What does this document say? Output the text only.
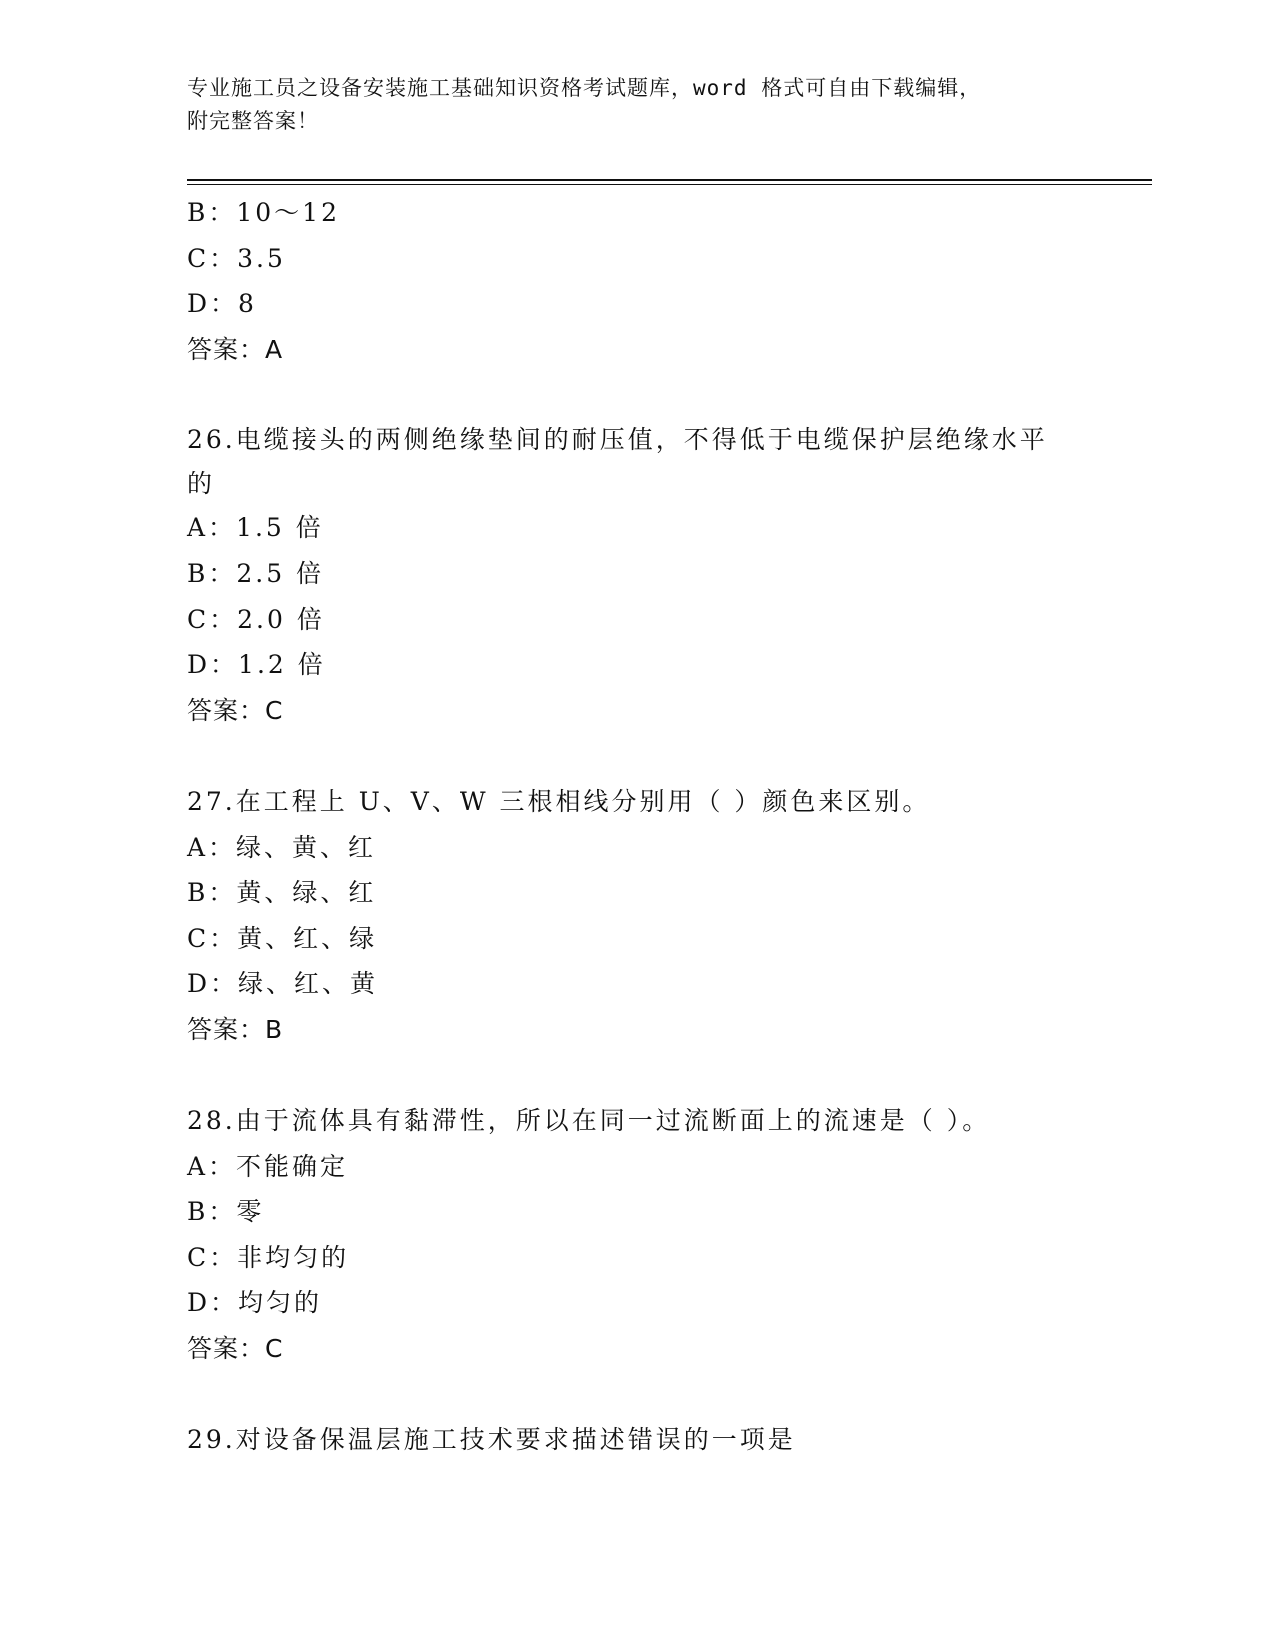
专业施工员之设备安装施工基础知识资格考试题库，word 格式可自由下载编辑，
附完整答案！
B：10～12
C：3.5
D：8
答案：A
26.电缆接头的两侧绝缘垫间的耐压值，不得低于电缆保护层绝缘水平的
A：1.5 倍
B：2.5 倍
C：2.0 倍
D：1.2 倍
答案：C
27.在工程上 U、V、W 三根相线分别用（ ）颜色来区别。
A：绿、黄、红
B：黄、绿、红
C：黄、红、绿
D：绿、红、黄
答案：B
28.由于流体具有黏滞性，所以在同一过流断面上的流速是（ ）。
A：不能确定
B：零
C：非均匀的
D：均匀的
答案：C
29.对设备保温层施工技术要求描述错误的一项是
